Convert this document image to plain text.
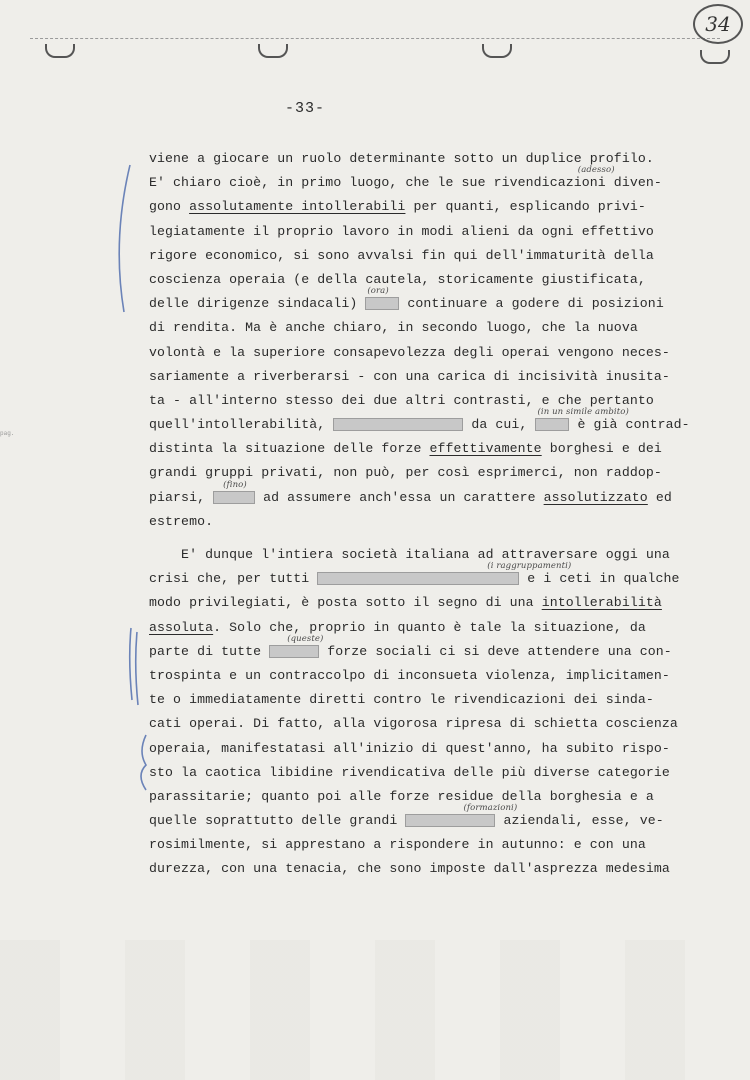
34
-33-
pag.
viene a giocare un ruolo determinante sotto un duplice profilo.
E' chiaro cioè, in primo luogo, che le sue rivendicazioni
(adesso)
diven-
gono assolutamente intollerabili per quanti, esplicando privi-
legiatamente il proprio lavoro in modi alieni da ogni effettivo
rigore economico, si sono avvalsi fin qui dell'immaturità della
coscienza operaia (e della cautela, storicamente giustificata,
delle dirigenze sindacali)
(ora)
continuare a godere di posizioni
di rendita. Ma è anche chiaro, in secondo luogo, che la nuova
volontà e la superiore consapevolezza degli operai vengono neces-
sariamente a riverberarsi - con una carica di incisività inusita-
ta - all'interno stesso dei due altri contrasti, e che pertanto
quell'intollerabilità,	da cui,
(in un simile ambito)
è già contrad-
distinta la situazione delle forze effettivamente borghesi e dei
grandi gruppi privati, non può, per così esprimerci, non raddop-
piarsi,
(fino)
ad assumere anch'essa un carattere assolutizzato ed
estremo.
E' dunque l'intiera società italiana ad attraversare oggi una
crisi che, per tutti
(i raggruppamenti)
e i ceti in qualche
modo privilegiati, è posta sotto il segno di una intollerabilità
assoluta. Solo che, proprio in quanto è tale la situazione, da
parte di tutte
(queste)
forze sociali ci si deve attendere una con-
trospinta e un contraccolpo di inconsueta violenza, implicitamen-
te o immediatamente diretti contro le rivendicazioni dei sinda-
cati operai. Di fatto, alla vigorosa ripresa di schietta coscienza
operaia, manifestatasi all'inizio di quest'anno, ha subito rispo-
sto la caotica libidine rivendicativa delle più diverse categorie
parassitarie; quanto poi alle forze residue della borghesia e a
quelle soprattutto delle grandi
(formazioni)
aziendali, esse, ve-
rosimilmente, si apprestano a rispondere in autunno: e con una
durezza, con una tenacia, che sono imposte dall'asprezza medesima
